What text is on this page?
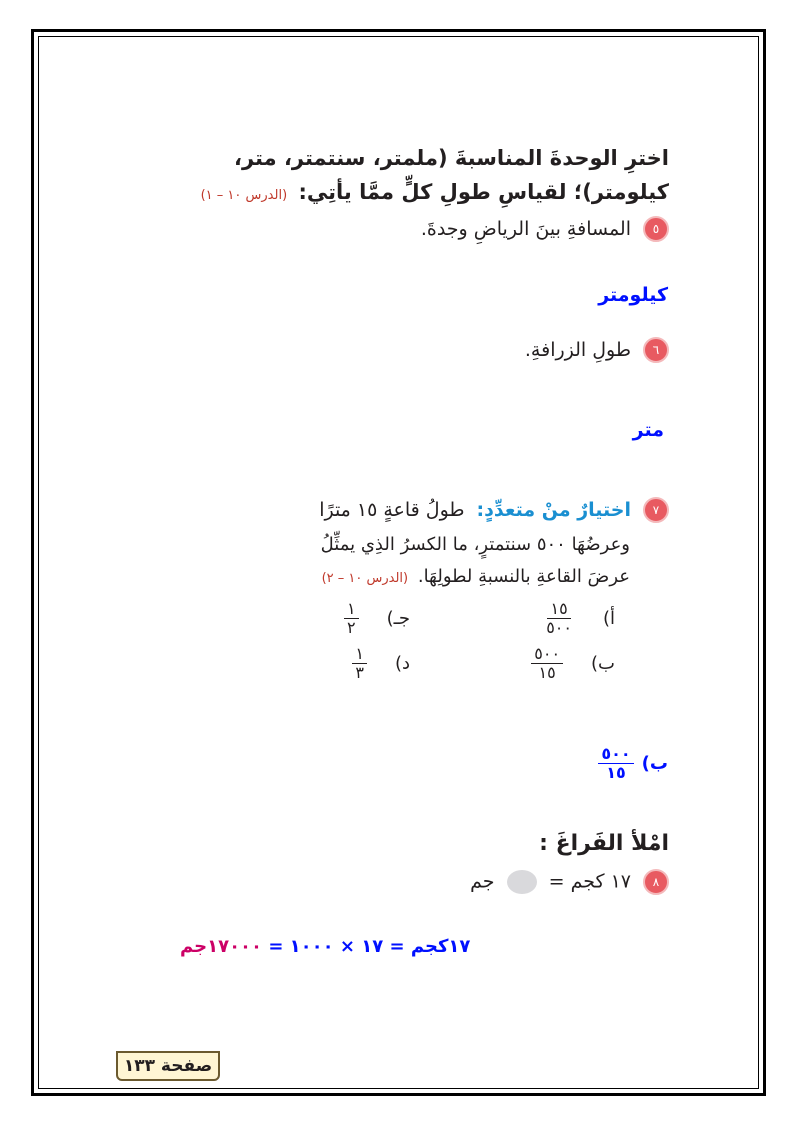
اخترِ الوحدةَ المناسبةَ (ملمتر، سنتمتر، متر،
كيلومتر)؛ لقياسِ طولِ كلٍّ ممَّا يأتِي: (الدرس ١٠ – ١)
٥
المسافةِ بينَ الرياضِ وجدةَ.
كيلومتر
٦
طولِ الزرافةِ.
متر
٧
اختيارٌ منْ متعدِّدٍ:
طولُ قاعةٍ ١٥ مترًا
وعرضُهَا ٥٠٠ سنتمترٍ، ما الكسرُ الذِي يمثِّلُ
عرضَ القاعةِ بالنسبةِ لطولِهَا. (الدرس ١٠ – ٢)
أ)
$\frac{١٥}{٥٠٠}$
ب)
$\frac{٥٠٠}{١٥}$
جـ)
$\frac{١}{٢}$
د)
$\frac{١}{٣}$
ب)
$\frac{٥٠٠}{١٥}$
امْلأ الفَراغَ :
٨
١٧ كجم =  جم
١٧كجم = ١٧ × ١٠٠٠ = ١٧٠٠٠جم
صفحة ١٣٣
